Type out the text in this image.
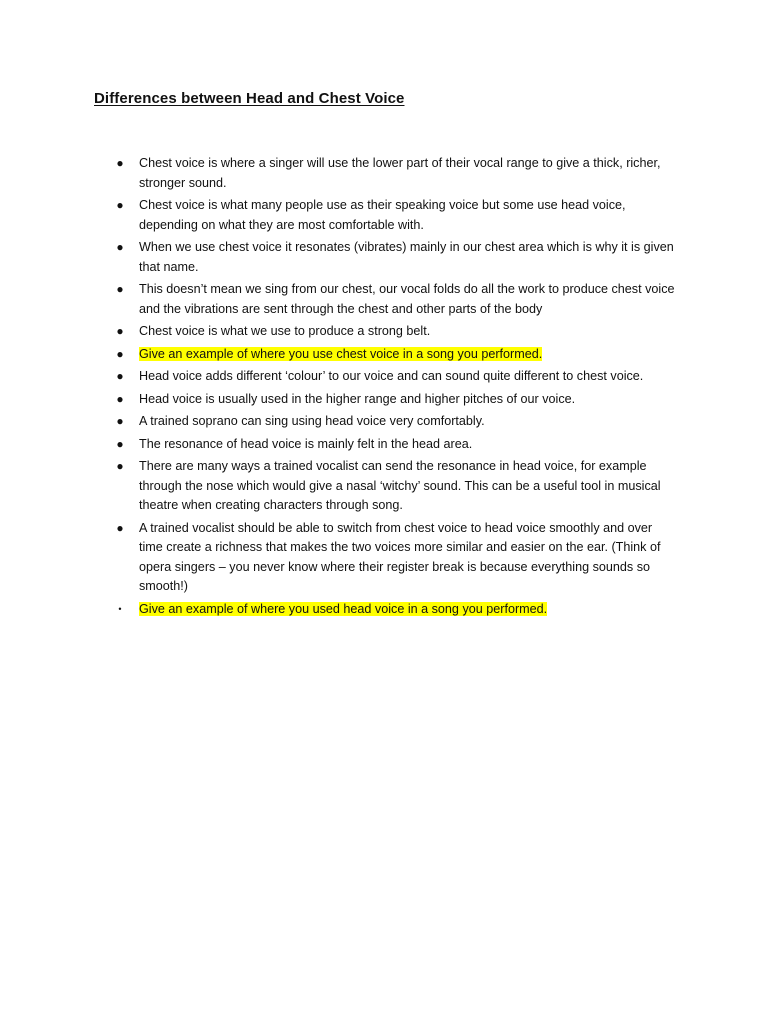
Differences between Head and Chest Voice
● Chest voice is where a singer will use the lower part of their vocal range to give a thick, richer, stronger sound.
● Chest voice is what many people use as their speaking voice but some use head voice, depending on what they are most comfortable with.
● When we use chest voice it resonates (vibrates) mainly in our chest area which is why it is given that name.
● This doesn’t mean we sing from our chest, our vocal folds do all the work to produce chest voice and the vibrations are sent through the chest and other parts of the body
● Chest voice is what we use to produce a strong belt.
● Give an example of where you use chest voice in a song you performed.
● Head voice adds different ‘colour’ to our voice and can sound quite different to chest voice.
● Head voice is usually used in the higher range and higher pitches of our voice.
● A trained soprano can sing using head voice very comfortably.
● The resonance of head voice is mainly felt in the head area.
● There are many ways a trained vocalist can send the resonance in head voice, for example through the nose which would give a nasal ‘witchy’ sound. This can be a useful tool in musical theatre when creating characters through song.
● A trained vocalist should be able to switch from chest voice to head voice smoothly and over time create a richness that makes the two voices more similar and easier on the ear. (Think of opera singers – you never know where their register break is because everything sounds so smooth!)
•	Give an example of where you used head voice in a song you performed.
